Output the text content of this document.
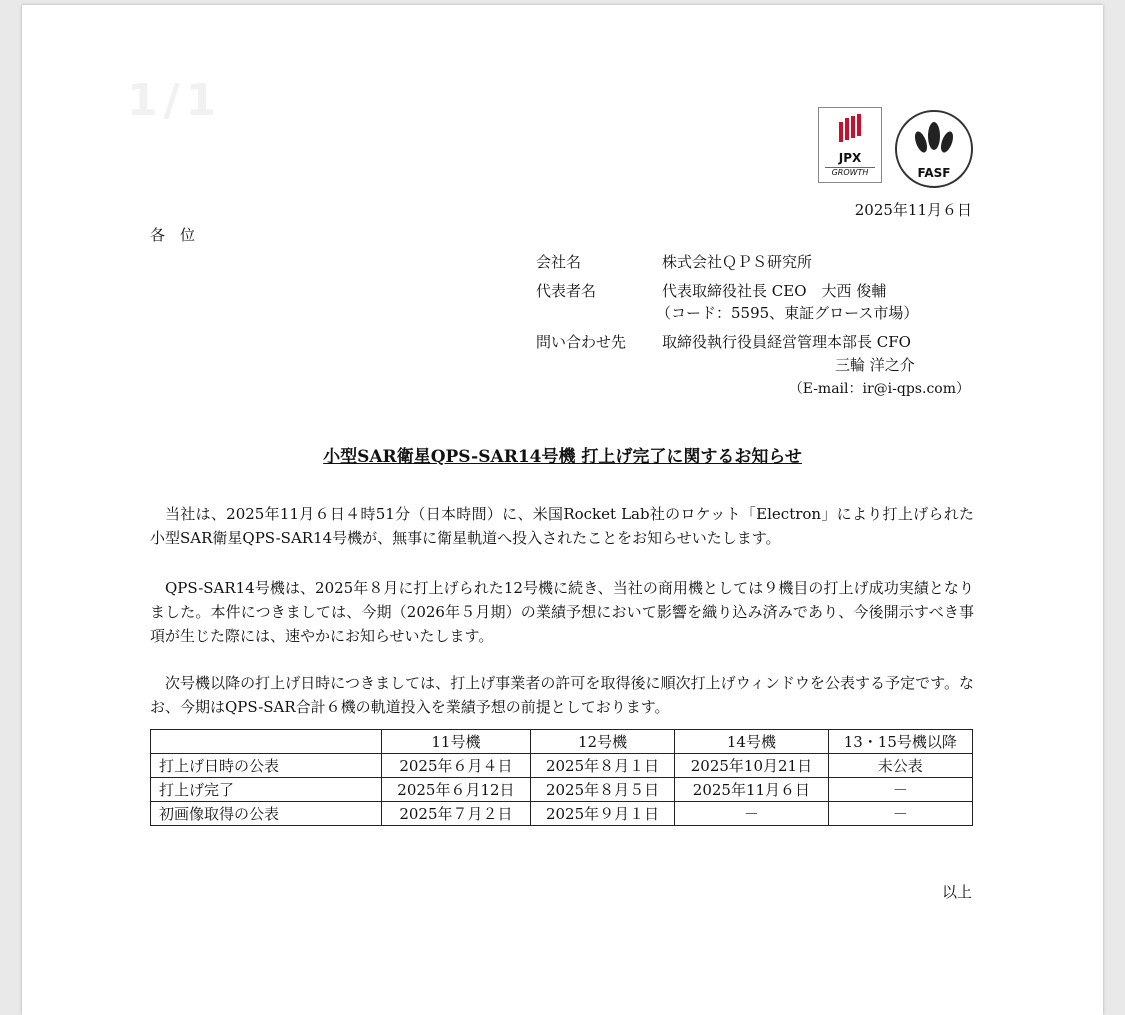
1/1
JPX
GROWTH	FASF
2025年11月６日
各　位
会社名	株式会社ＱＰＳ研究所
代表者名	代表取締役社長 CEO　大西 俊輔
（コード：5595、東証グロース市場）
問い合わせ先 取締役執行役員経営管理本部長 CFO
三輪 洋之介
（E-mail：ir@i-qps.com）
小型SAR衛星QPS-SAR14号機 打上げ完了に関するお知らせ
当社は、2025年11月６日４時51分（日本時間）に、米国Rocket Lab社のロケット「Electron」により打上げられた小型SAR衛星QPS-SAR14号機が、無事に衛星軌道へ投入されたことをお知らせいたします。
QPS-SAR14号機は、2025年８月に打上げられた12号機に続き、当社の商用機としては９機目の打上げ成功実績となりました。本件につきましては、今期（2026年５月期）の業績予想において影響を織り込み済みであり、今後開示すべき事項が生じた際には、速やかにお知らせいたします。
次号機以降の打上げ日時につきましては、打上げ事業者の許可を取得後に順次打上げウィンドウを公表する予定です。なお、今期はQPS-SAR合計６機の軌道投入を業績予想の前提としております。
	11号機	12号機	14号機	13・15号機以降
打上げ日時の公表	2025年６月４日	2025年８月１日	2025年10月21日	未公表
打上げ完了	2025年６月12日	2025年８月５日	2025年11月６日	－
初画像取得の公表	2025年７月２日	2025年９月１日	－	－
以上
